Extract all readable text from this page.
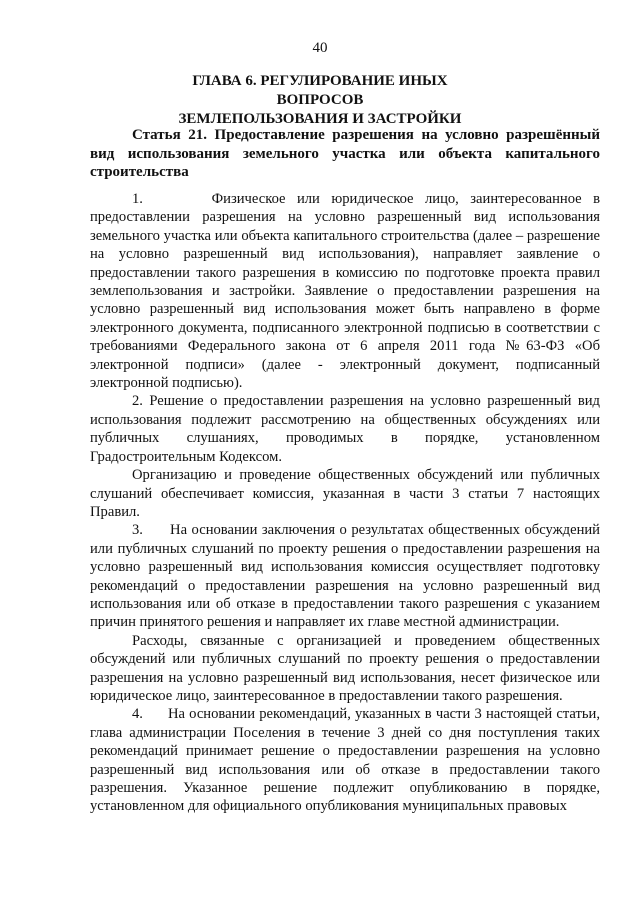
40
ГЛАВА 6. РЕГУЛИРОВАНИЕ ИНЫХ ВОПРОСОВ
ЗЕМЛЕПОЛЬЗОВАНИЯ И ЗАСТРОЙКИ
Статья 21. Предоставление разрешения на условно разрешённый вид использования земельного участка или объекта капитального строительства

1.      Физическое или юридическое лицо, заинтересованное в предоставлении разрешения на условно разрешенный вид использования земельного участка или объекта капитального строительства (далее – разрешение на условно разрешенный вид использования), направляет заявление о предоставлении такого разрешения в комиссию по подготовке проекта правил землепользования и застройки. Заявление о предоставлении разрешения на условно разрешенный вид использования может быть направлено в форме электронного документа, подписанного электронной подписью в соответствии с требованиями Федерального закона от 6 апреля 2011 года №63-ФЗ «Об электронной подписи» (далее - электронный документ, подписанный электронной подписью).

2. Решение о предоставлении разрешения на условно разрешенный вид использования подлежит рассмотрению на общественных обсуждениях или публичных слушаниях, проводимых в порядке, установленном Градостроительным Кодексом.

Организацию и проведение общественных обсуждений или публичных слушаний обеспечивает комиссия, указанная в части 3 статьи 7 настоящих Правил.

3.      На основании заключения о результатах общественных обсуждений или публичных слушаний по проекту решения о предоставлении разрешения на условно разрешенный вид использования комиссия осуществляет подготовку рекомендаций о предоставлении разрешения на условно разрешенный вид использования или об отказе в предоставлении такого разрешения с указанием причин принятого решения и направляет их главе местной администрации.

Расходы, связанные с организацией и проведением общественных обсуждений или публичных слушаний по проекту решения о предоставлении разрешения на условно разрешенный вид использования, несет физическое или юридическое лицо, заинтересованное в предоставлении такого разрешения.

4.      На основании рекомендаций, указанных в части 3 настоящей статьи, глава администрации Поселения в течение 3 дней со дня поступления таких рекомендаций принимает решение о предоставлении разрешения на условно разрешенный вид использования или об отказе в предоставлении такого разрешения. Указанное решение подлежит опубликованию в порядке, установленном для официального опубликования муниципальных правовых
